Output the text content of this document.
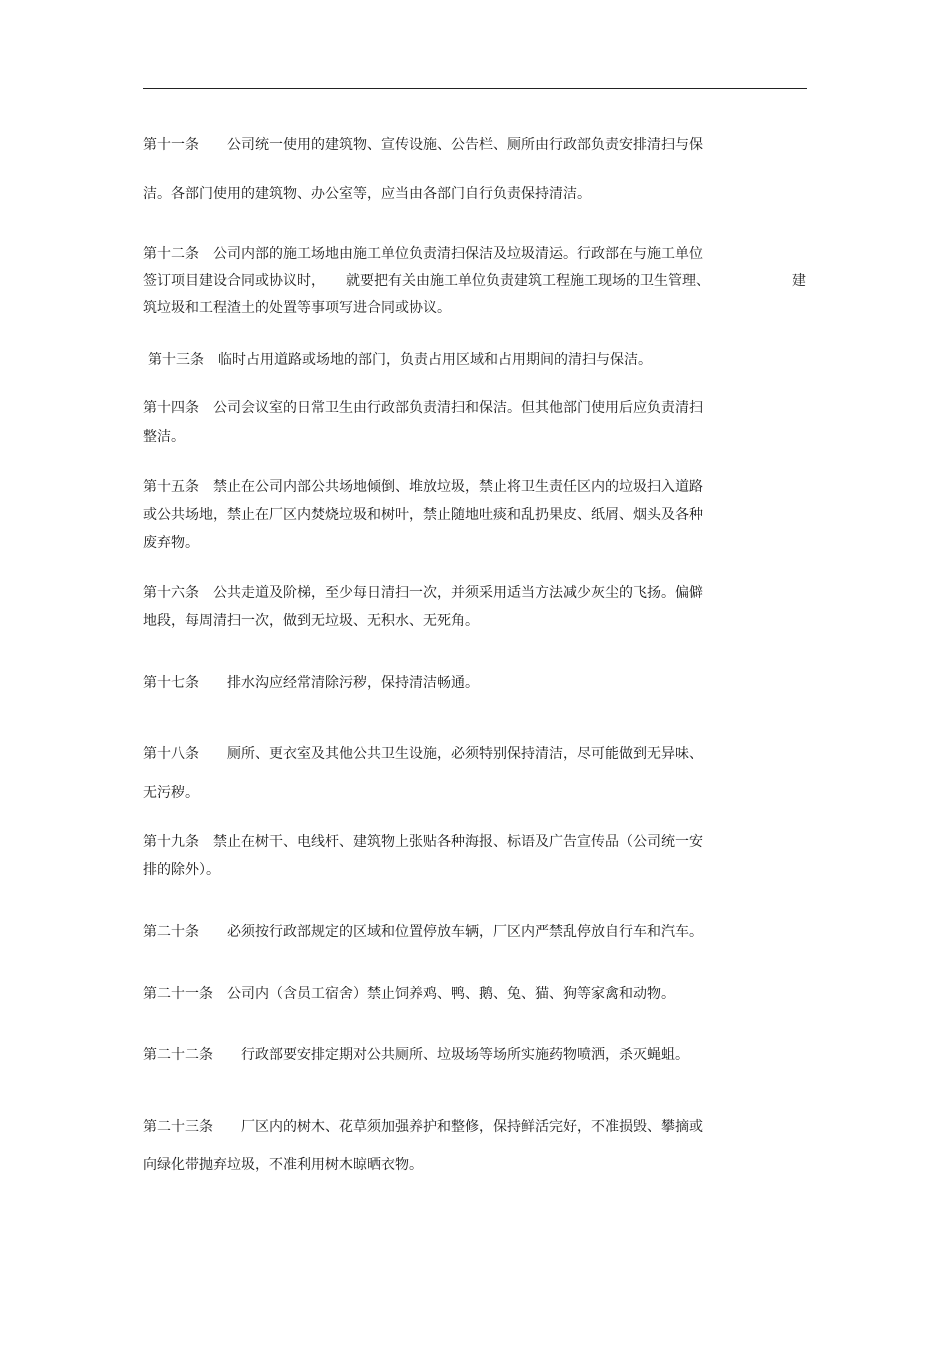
第十一条　　公司统一使用的建筑物、宣传设施、公告栏、厕所由行政部负责安排清扫与保
洁。各部门使用的建筑物、办公室等，应当由各部门自行负责保持清洁。
第十二条　公司内部的施工场地由施工单位负责清扫保洁及垃圾清运。行政部在与施工单位
签订项目建设合同或协议时，　　就要把有关由施工单位负责建筑工程施工现场的卫生管理、	建
筑垃圾和工程渣土的处置等事项写进合同或协议。
第十三条　临时占用道路或场地的部门，负责占用区域和占用期间的清扫与保洁。
第十四条　公司会议室的日常卫生由行政部负责清扫和保洁。但其他部门使用后应负责清扫
整洁。
第十五条　禁止在公司内部公共场地倾倒、堆放垃圾，禁止将卫生责任区内的垃圾扫入道路
或公共场地，禁止在厂区内焚烧垃圾和树叶，禁止随地吐痰和乱扔果皮、纸屑、烟头及各种
废弃物。
第十六条　公共走道及阶梯，至少每日清扫一次，并须采用适当方法减少灰尘的飞扬。偏僻
地段，每周清扫一次，做到无垃圾、无积水、无死角。
第十七条　　排水沟应经常清除污秽，保持清洁畅通。
第十八条　　厕所、更衣室及其他公共卫生设施，必须特别保持清洁，尽可能做到无异味、
无污秽。
第十九条　禁止在树干、电线杆、建筑物上张贴各种海报、标语及广告宣传品（公司统一安
排的除外）。
第二十条　　必须按行政部规定的区域和位置停放车辆，厂区内严禁乱停放自行车和汽车。
第二十一条　公司内（含员工宿舍）禁止饲养鸡、鸭、鹅、兔、猫、狗等家禽和动物。
第二十二条　　行政部要安排定期对公共厕所、垃圾场等场所实施药物喷洒，杀灭蝇蛆。
第二十三条　　厂区内的树木、花草须加强养护和整修，保持鲜活完好，不准损毁、攀摘或
向绿化带抛弃垃圾，不准利用树木晾晒衣物。
